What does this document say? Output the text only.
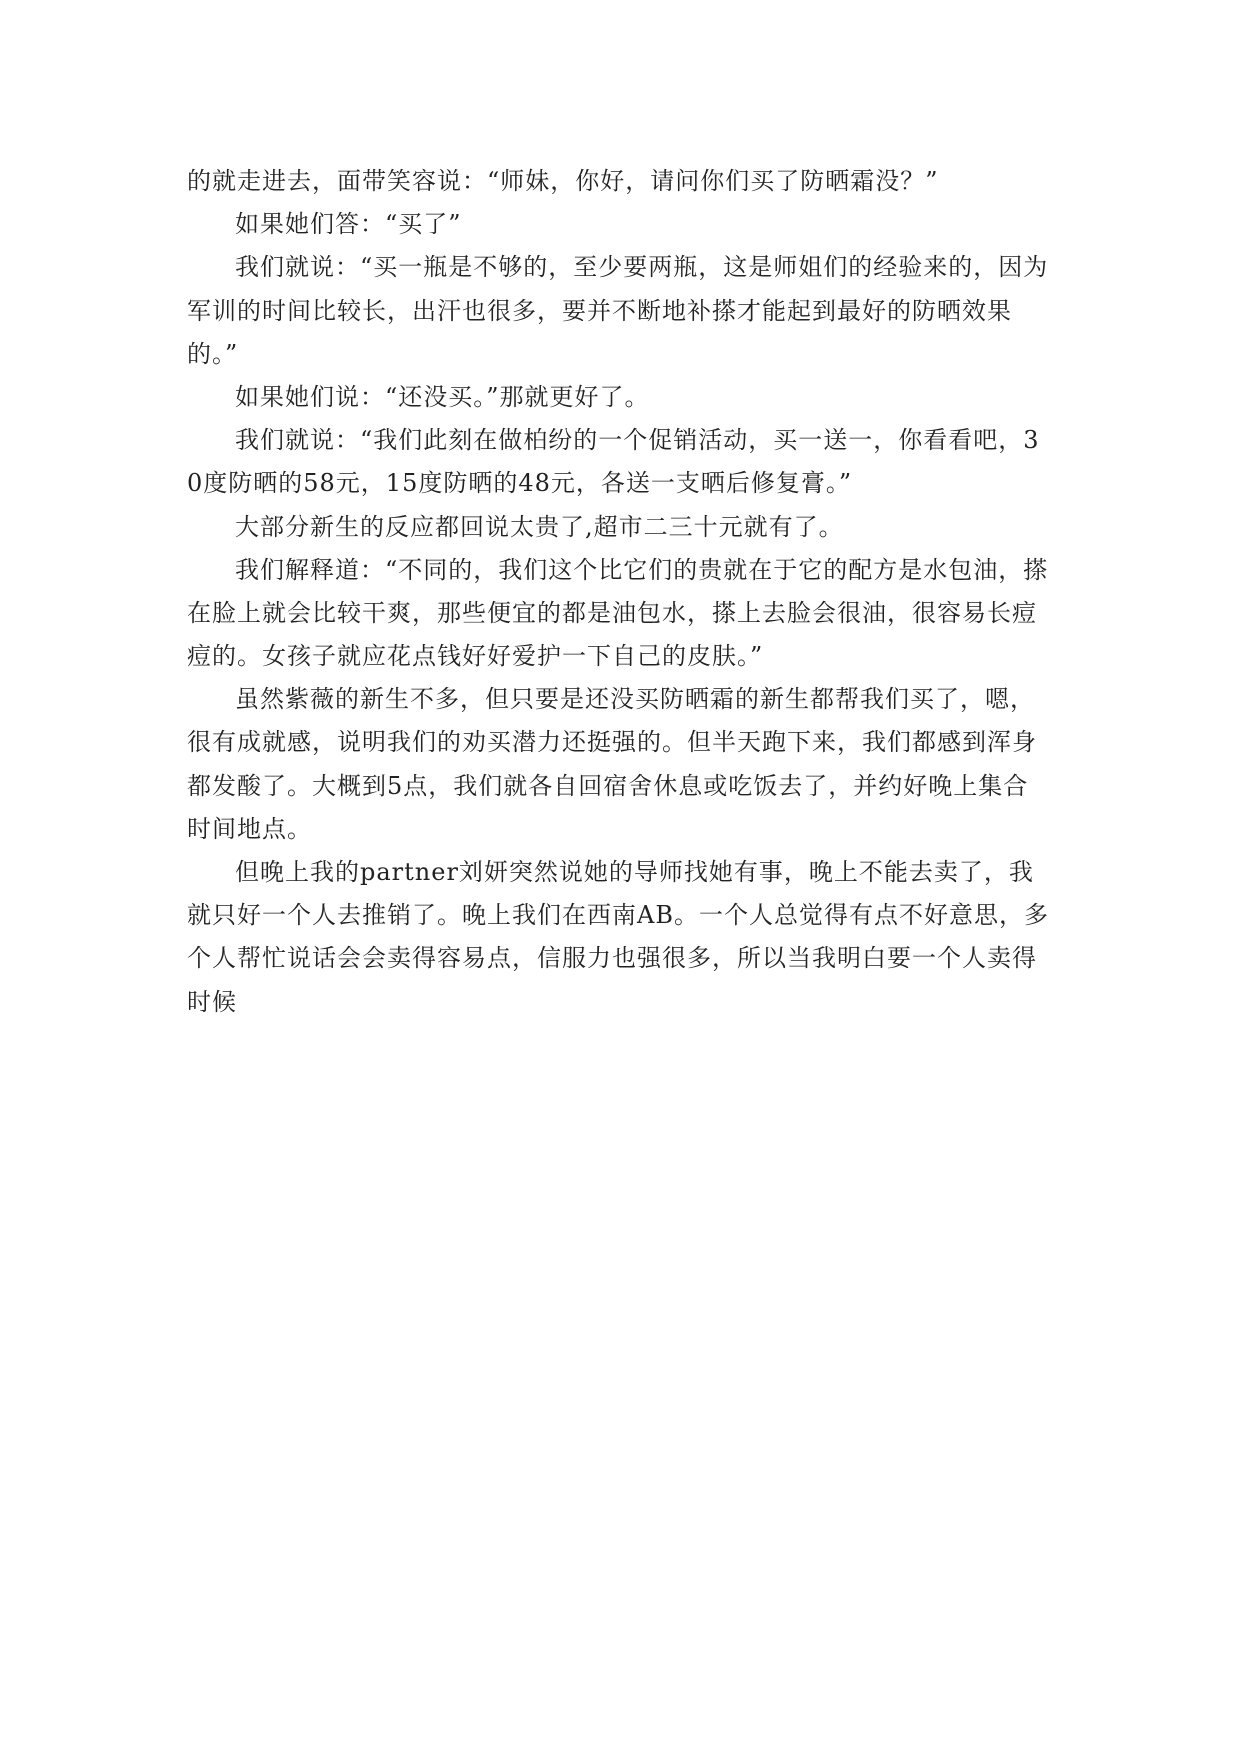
的就走进去，面带笑容说：“师妹，你好，请问你们买了防晒霜没？”

如果她们答：“买了”

我们就说：“买一瓶是不够的，至少要两瓶，这是师姐们的经验来的，因为军训的时间比较长，出汗也很多，要并不断地补搽才能起到最好的防晒效果的。”

如果她们说：“还没买。”那就更好了。

我们就说：“我们此刻在做柏纷的一个促销活动，买一送一，你看看吧，30度防晒的58元，15度防晒的48元，各送一支晒后修复膏。”

大部分新生的反应都回说太贵了,超市二三十元就有了。

我们解释道：“不同的，我们这个比它们的贵就在于它的配方是水包油，搽在脸上就会比较干爽，那些便宜的都是油包水，搽上去脸会很油，很容易长痘痘的。女孩子就应花点钱好好爱护一下自己的皮肤。”

虽然紫薇的新生不多，但只要是还没买防晒霜的新生都帮我们买了，嗯，很有成就感，说明我们的劝买潜力还挺强的。但半天跑下来，我们都感到浑身都发酸了。大概到5点，我们就各自回宿舍休息或吃饭去了，并约好晚上集合时间地点。

但晚上我的partner刘妍突然说她的导师找她有事，晚上不能去卖了，我就只好一个人去推销了。晚上我们在西南AB。一个人总觉得有点不好意思，多个人帮忙说话会会卖得容易点，信服力也强很多，所以当我明白要一个人卖得时候
